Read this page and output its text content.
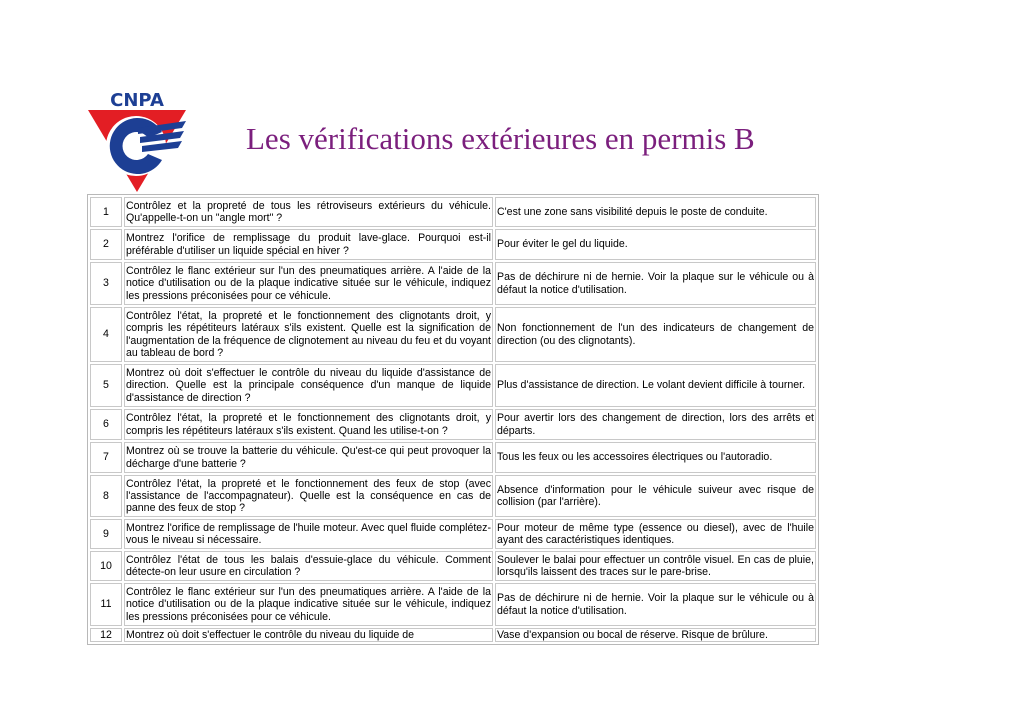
CNPA
Les vérifications extérieures en permis B
1	Contrôlez et la propreté de tous les rétroviseurs extérieurs du véhicule. Qu'appelle-t-on un "angle mort" ?	C'est une zone sans visibilité depuis le poste de conduite.
2	Montrez l'orifice de remplissage du produit lave-glace. Pourquoi est-il préférable d'utiliser un liquide spécial en hiver ?	Pour éviter le gel du liquide.
3	Contrôlez le flanc extérieur sur l'un des pneumatiques arrière. A l'aide de la notice d'utilisation ou de la plaque indicative située sur le véhicule, indiquez les pressions préconisées pour ce véhicule.	Pas de déchirure ni de hernie. Voir la plaque sur le véhicule ou à défaut la notice d'utilisation.
4	Contrôlez l'état, la propreté et le fonctionnement des clignotants droit, y compris les répétiteurs latéraux s'ils existent. Quelle est la signification de l'augmentation de la fréquence de clignotement au niveau du feu et du voyant au tableau de bord ?	Non fonctionnement de l'un des indicateurs de changement de direction (ou des clignotants).
5	Montrez où doit s'effectuer le contrôle du niveau du liquide d'assistance de direction. Quelle est la principale conséquence d'un manque de liquide d'assistance de direction ?	Plus d'assistance de direction. Le volant devient difficile à tourner.
6	Contrôlez l'état, la propreté et le fonctionnement des clignotants droit, y compris les répétiteurs latéraux s'ils existent. Quand les utilise-t-on ?	Pour avertir lors des changement de direction, lors des arrêts et départs.
7	Montrez où se trouve la batterie du véhicule. Qu'est-ce qui peut provoquer la décharge d'une batterie ?	Tous les feux ou les accessoires électriques ou l'autoradio.
8	Contrôlez l'état, la propreté et le fonctionnement des feux de stop (avec l'assistance de l'accompagnateur). Quelle est la conséquence en cas de panne des feux de stop ?	Absence d'information pour le véhicule suiveur avec risque de collision (par l'arrière).
9	Montrez l'orifice de remplissage de l'huile moteur. Avec quel fluide complétez-vous le niveau si nécessaire.	Pour moteur de même type (essence ou diesel), avec de l'huile ayant des caractéristiques identiques.
10	Contrôlez l'état de tous les balais d'essuie-glace du véhicule. Comment détecte-on leur usure en circulation ?	Soulever le balai pour effectuer un contrôle visuel. En cas de pluie, lorsqu'ils laissent des traces sur le pare-brise.
11	Contrôlez le flanc extérieur sur l'un des pneumatiques arrière. A l'aide de la notice d'utilisation ou de la plaque indicative située sur le véhicule, indiquez les pressions préconisées pour ce véhicule.	Pas de déchirure ni de hernie. Voir la plaque sur le véhicule ou à défaut la notice d'utilisation.
12	Montrez où doit s'effectuer le contrôle du niveau du liquide de	Vase d'expansion ou bocal de réserve. Risque de brûlure.
